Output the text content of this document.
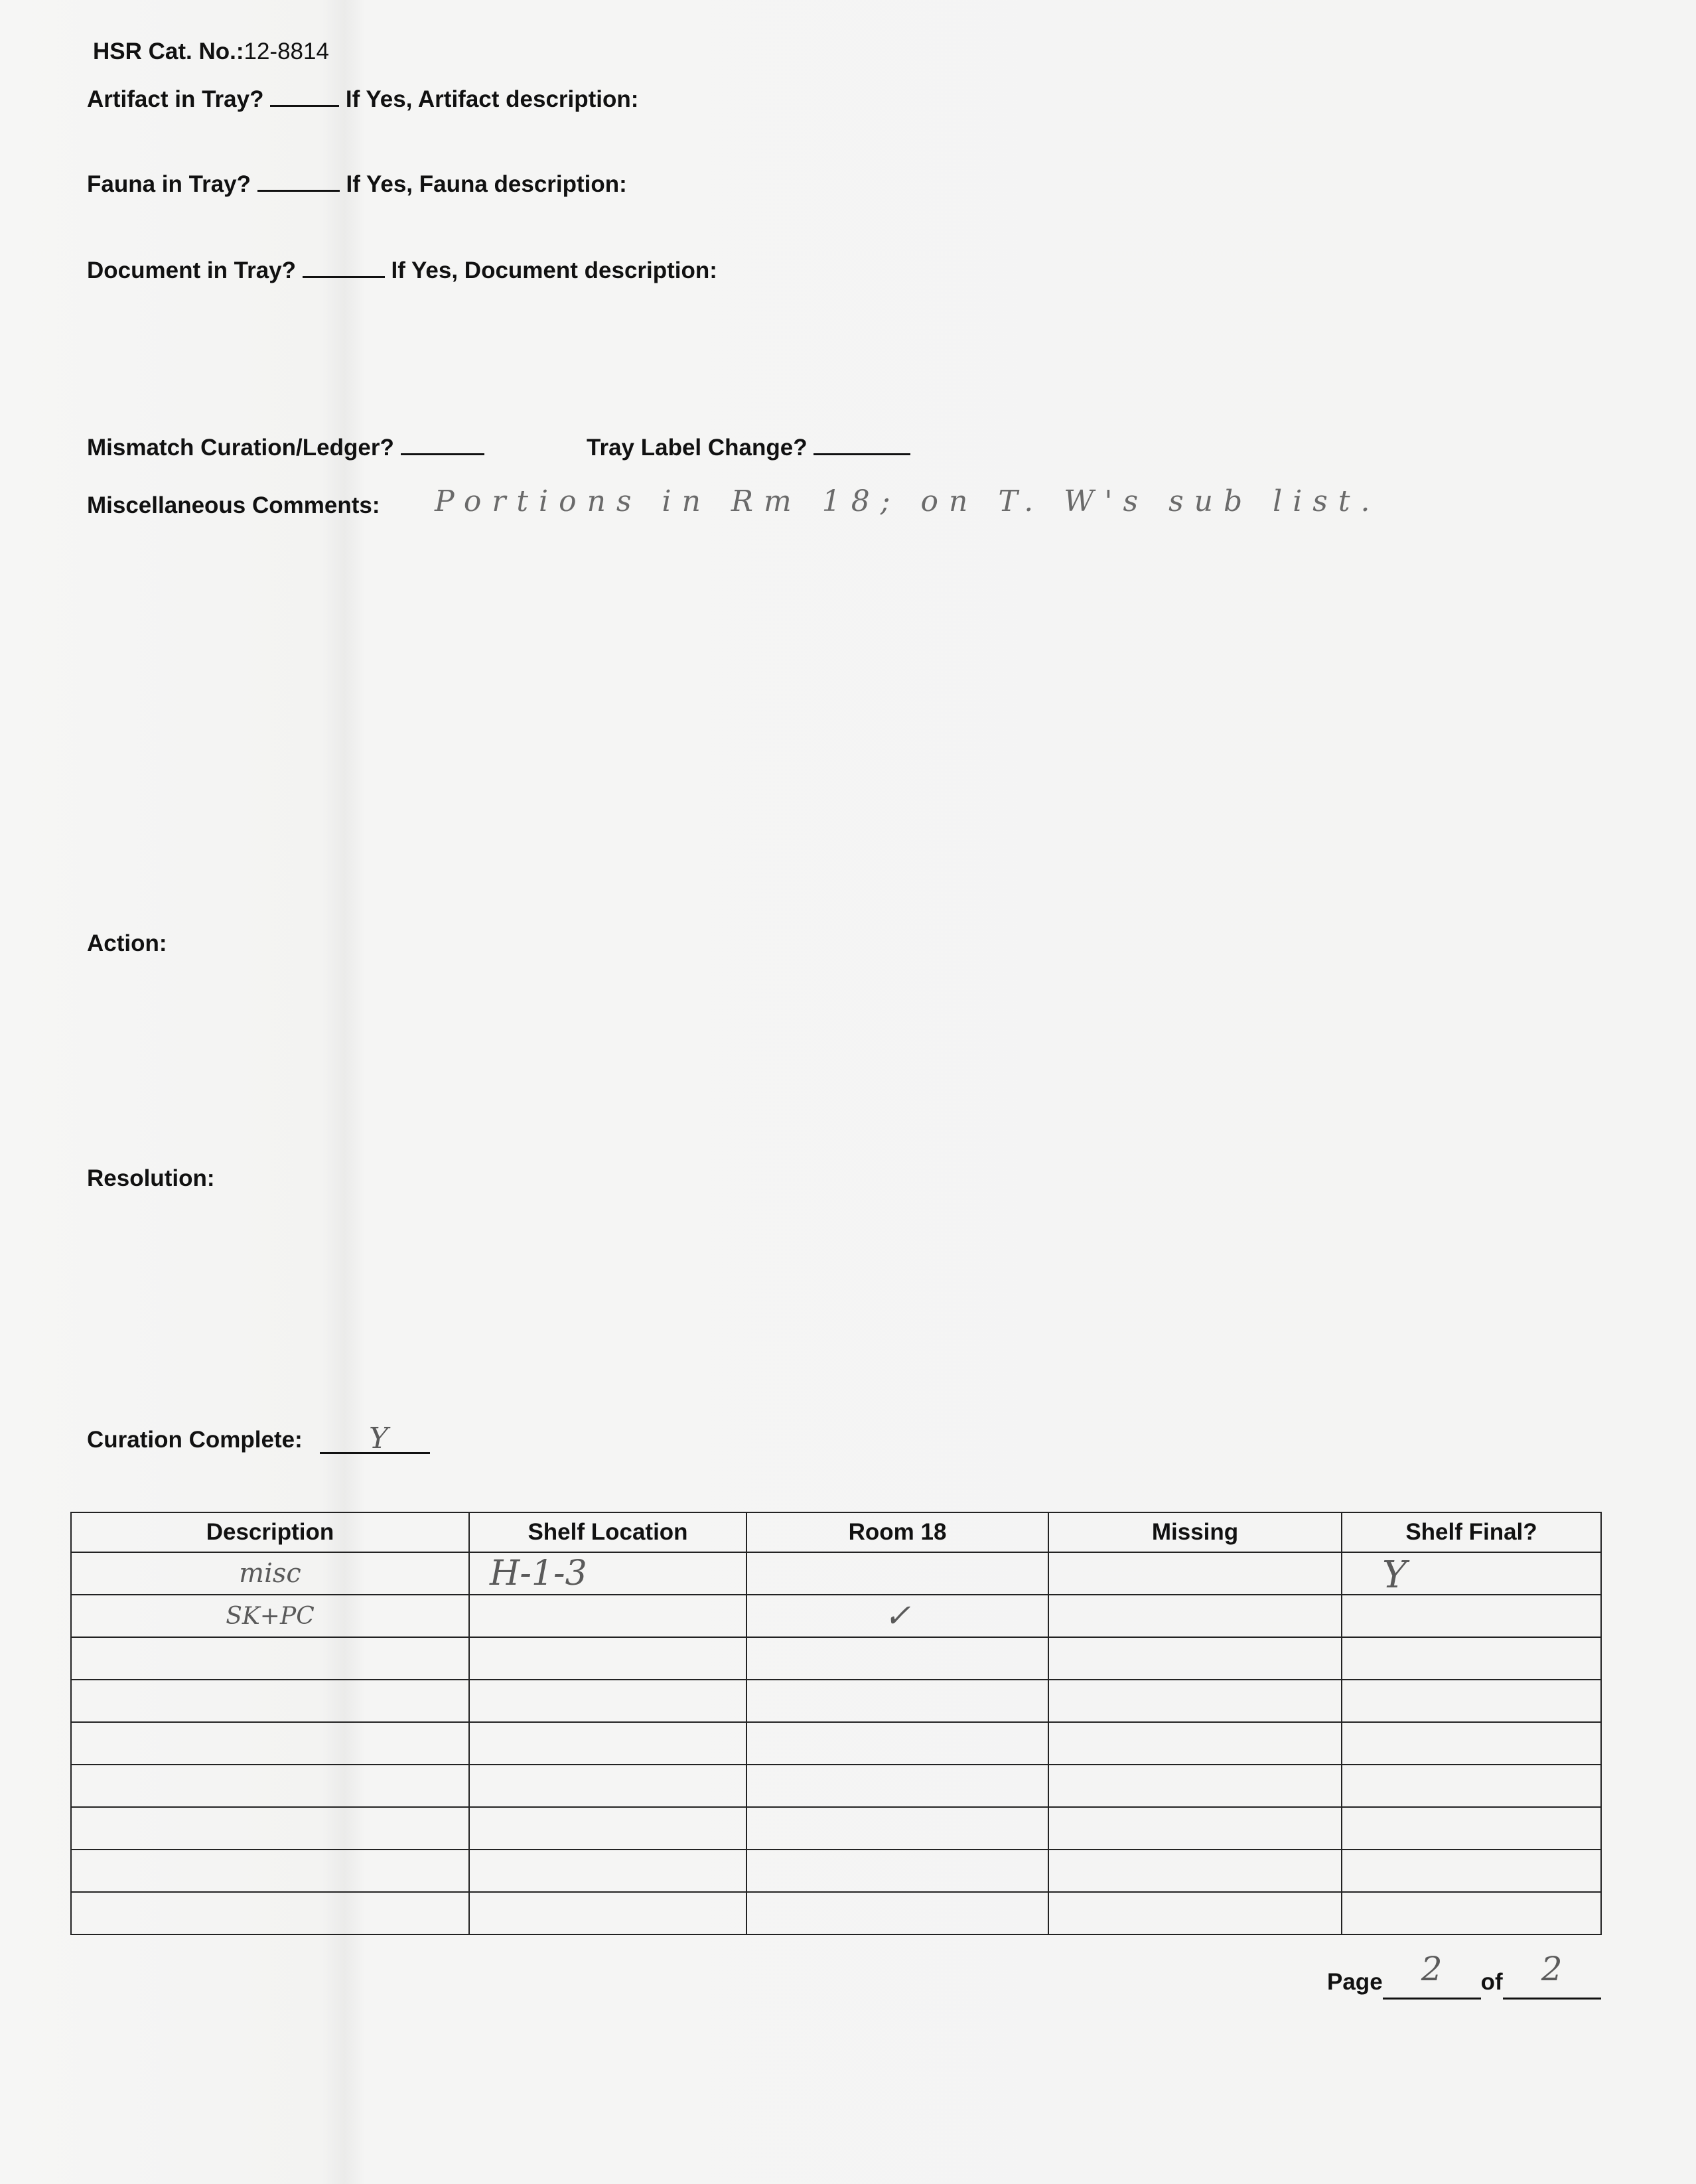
HSR Cat. No.:12-8814
Artifact in Tray?	If Yes, Artifact description:
Fauna in Tray?	If Yes, Fauna description:
Document in Tray?	If Yes, Document description:
Mismatch Curation/Ledger?	Tray Label Change?
Miscellaneous Comments: Portions in Rm 18; on T. W's sub list.
Action:
Resolution:
Curation Complete: Y
Description	Shelf Location	Room 18	Missing	Shelf Final?
misc	H-1-3			Y
SK+PC		✓		

Page 2 of 2
